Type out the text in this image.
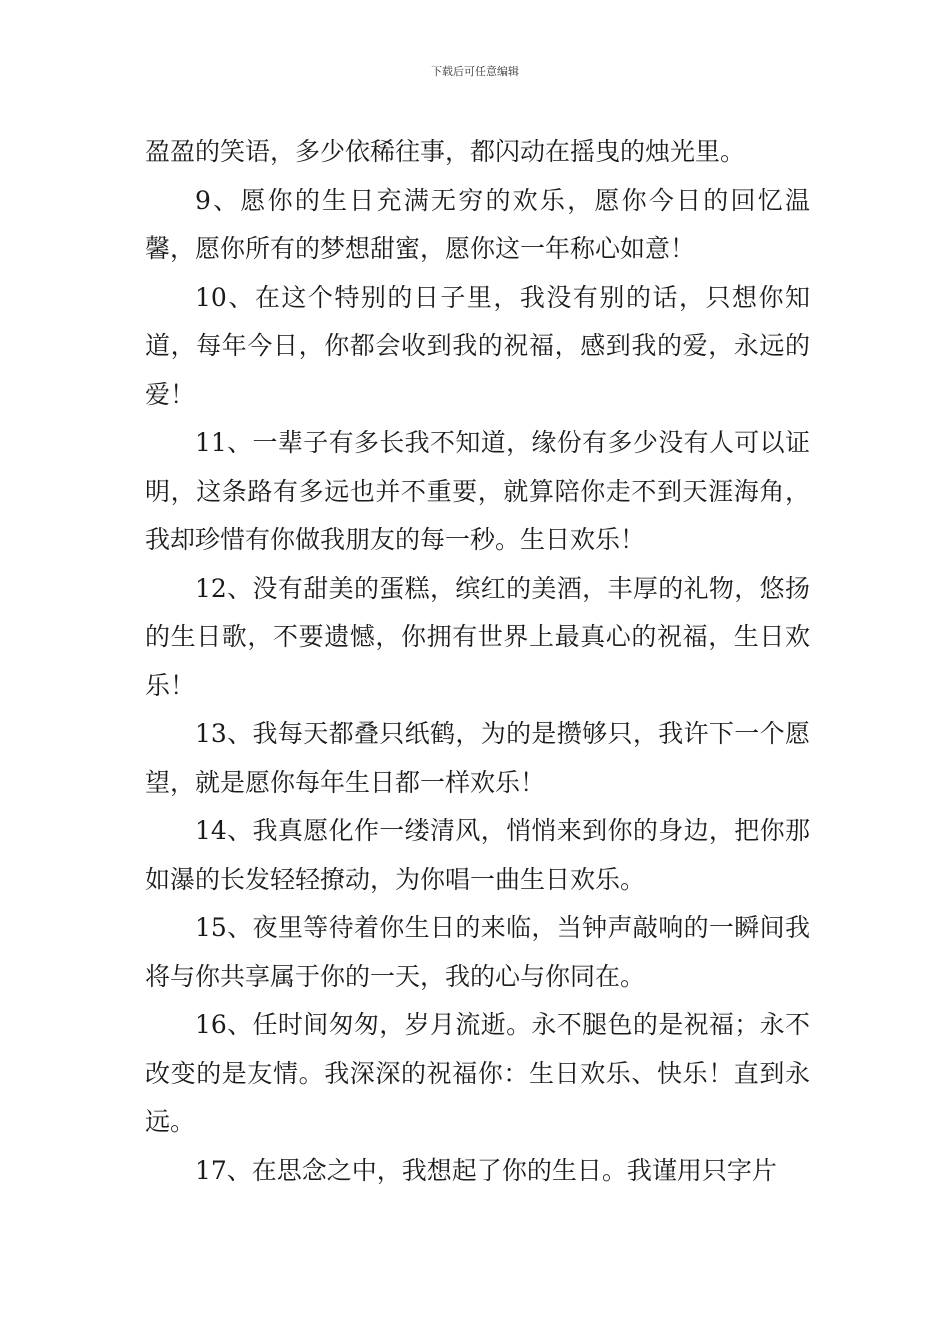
下载后可任意编辑

盈盈的笑语，多少依稀往事，都闪动在摇曳的烛光里。

9、愿你的生日充满无穷的欢乐，愿你今日的回忆温馨，愿你所有的梦想甜蜜，愿你这一年称心如意！

10、在这个特别的日子里，我没有别的话，只想你知道，每年今日，你都会收到我的祝福，感到我的爱，永远的爱！

11、一辈子有多长我不知道，缘份有多少没有人可以证明，这条路有多远也并不重要，就算陪你走不到天涯海角，我却珍惜有你做我朋友的每一秒。生日欢乐！

12、没有甜美的蛋糕，缤红的美酒，丰厚的礼物，悠扬的生日歌，不要遗憾，你拥有世界上最真心的祝福，生日欢乐！

13、我每天都叠只纸鹤，为的是攒够只，我许下一个愿望，就是愿你每年生日都一样欢乐！

14、我真愿化作一缕清风，悄悄来到你的身边，把你那如瀑的长发轻轻撩动，为你唱一曲生日欢乐。

15、夜里等待着你生日的来临，当钟声敲响的一瞬间我将与你共享属于你的一天，我的心与你同在。

16、任时间匆匆，岁月流逝。永不腿色的是祝福；永不改变的是友情。我深深的祝福你：生日欢乐、快乐！直到永远。

17、在思念之中，我想起了你的生日。我谨用只字片
